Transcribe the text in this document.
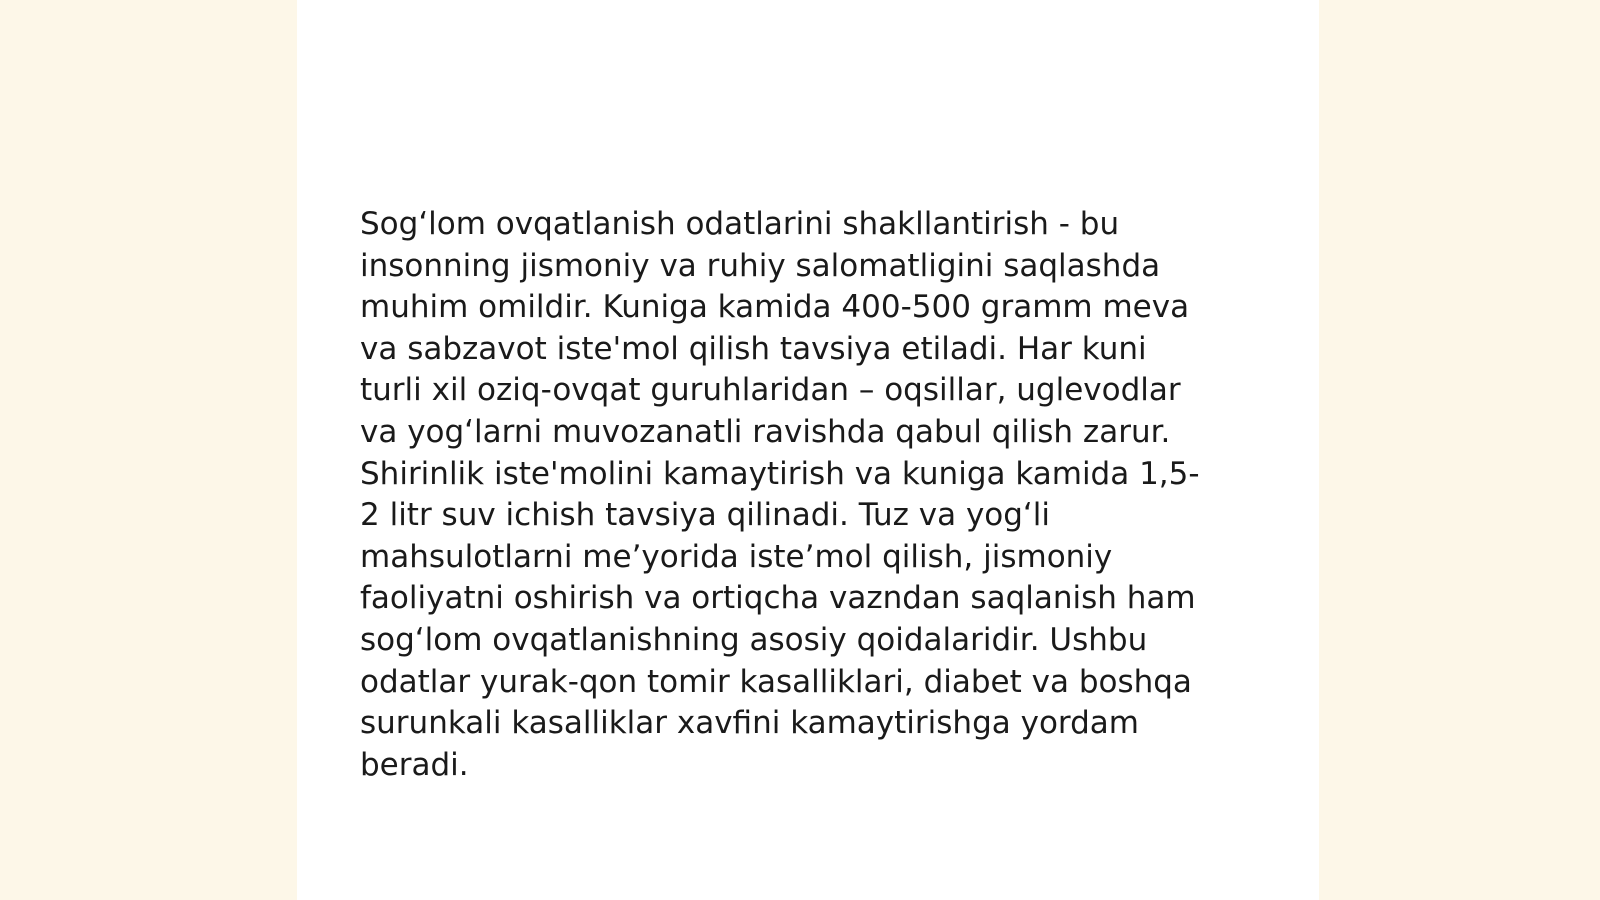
Sog‘lom ovqatlanish odatlarini shakllantirish - bu
insonning jismoniy va ruhiy salomatligini saqlashda
muhim omildir. Kuniga kamida 400-500 gramm meva
va sabzavot iste'mol qilish tavsiya etiladi. Har kuni
turli xil oziq-ovqat guruhlaridan – oqsillar, uglevodlar
va yog‘larni muvozanatli ravishda qabul qilish zarur.
Shirinlik iste'molini kamaytirish va kuniga kamida 1,5-
2 litr suv ichish tavsiya qilinadi. Tuz va yog‘li
mahsulotlarni me’yorida iste’mol qilish, jismoniy
faoliyatni oshirish va ortiqcha vazndan saqlanish ham
sog‘lom ovqatlanishning asosiy qoidalaridir. Ushbu
odatlar yurak-qon tomir kasalliklari, diabet va boshqa
surunkali kasalliklar xavfini kamaytirishga yordam
beradi.
